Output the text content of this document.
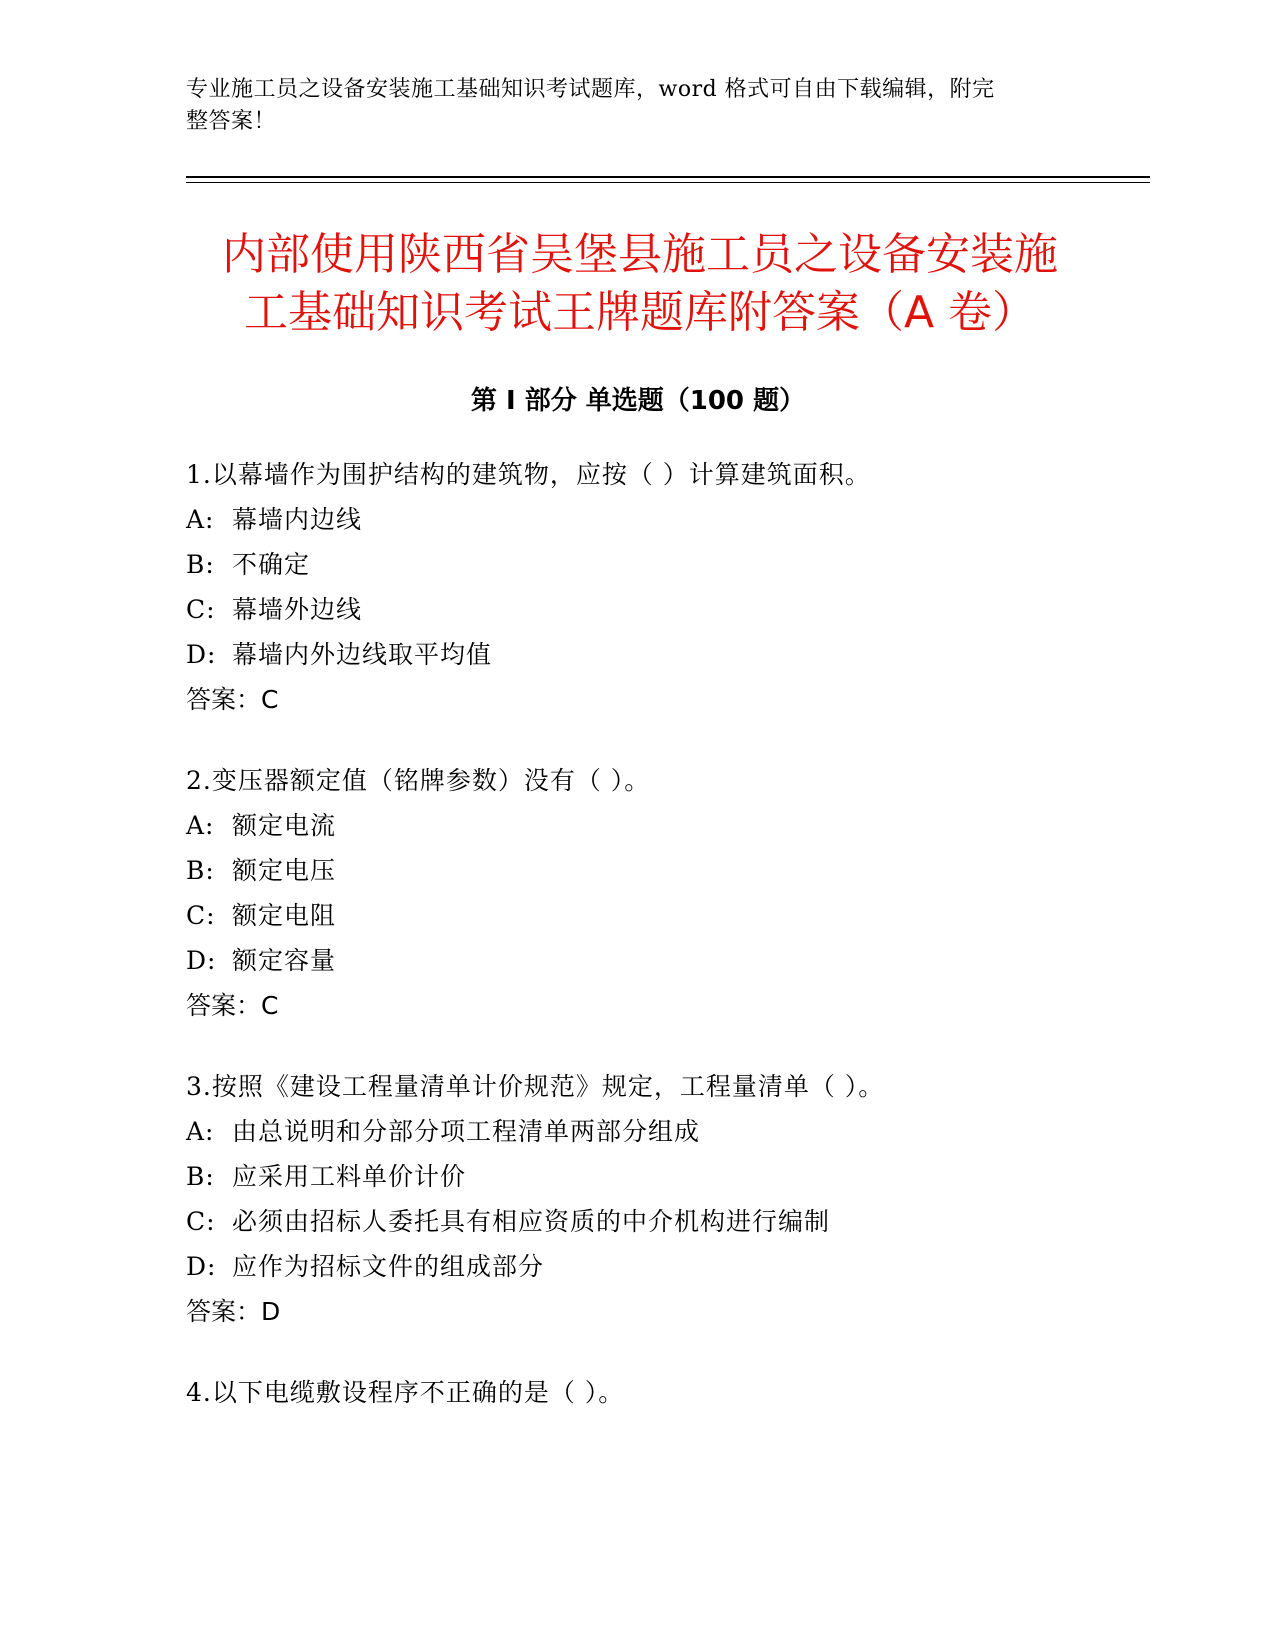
专业施工员之设备安装施工基础知识考试题库，word 格式可自由下载编辑，附完
整答案！
内部使用陕西省吴堡县施工员之设备安装施
工基础知识考试王牌题库附答案（A 卷）
第 I 部分 单选题（100 题）
1.以幕墙作为围护结构的建筑物，应按（ ）计算建筑面积。
A: 幕墙内边线
B: 不确定
C: 幕墙外边线
D: 幕墙内外边线取平均值
答案：C
2.变压器额定值（铭牌参数）没有（ ）。
A: 额定电流
B: 额定电压
C: 额定电阻
D: 额定容量
答案：C
3.按照《建设工程量清单计价规范》规定，工程量清单（ ）。
A: 由总说明和分部分项工程清单两部分组成
B: 应采用工料单价计价
C: 必须由招标人委托具有相应资质的中介机构进行编制
D: 应作为招标文件的组成部分
答案：D
4.以下电缆敷设程序不正确的是（ ）。
